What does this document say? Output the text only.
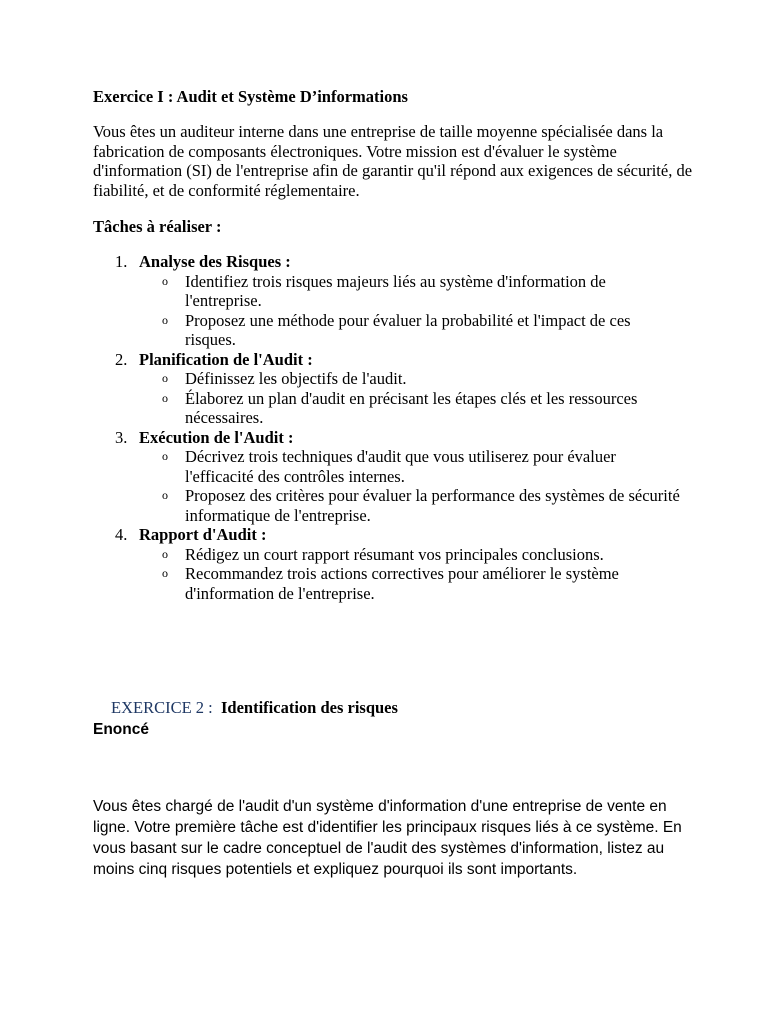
Exercice I : Audit et Système D’informations
Vous êtes un auditeur interne dans une entreprise de taille moyenne spécialisée dans la fabrication de composants électroniques. Votre mission est d'évaluer le système d'information (SI) de l'entreprise afin de garantir qu'il répond aux exigences de sécurité, de fiabilité, et de conformité réglementaire.
Tâches à réaliser :
1. Analyse des Risques :
o Identifiez trois risques majeurs liés au système d'information de l'entreprise.
o Proposez une méthode pour évaluer la probabilité et l'impact de ces risques.
2. Planification de l'Audit :
o Définissez les objectifs de l'audit.
o Élaborez un plan d'audit en précisant les étapes clés et les ressources nécessaires.
3. Exécution de l'Audit :
o Décrivez trois techniques d'audit que vous utiliserez pour évaluer l'efficacité des contrôles internes.
o Proposez des critères pour évaluer la performance des systèmes de sécurité informatique de l'entreprise.
4. Rapport d'Audit :
o Rédigez un court rapport résumant vos principales conclusions.
o Recommandez trois actions correctives pour améliorer le système d'information de l'entreprise.
EXERCICE 2 : Identification des risques
Enoncé
Vous êtes chargé de l'audit d'un système d'information d'une entreprise de vente en ligne. Votre première tâche est d'identifier les principaux risques liés à ce système. En vous basant sur le cadre conceptuel de l'audit des systèmes d'information, listez au moins cinq risques potentiels et expliquez pourquoi ils sont importants.
